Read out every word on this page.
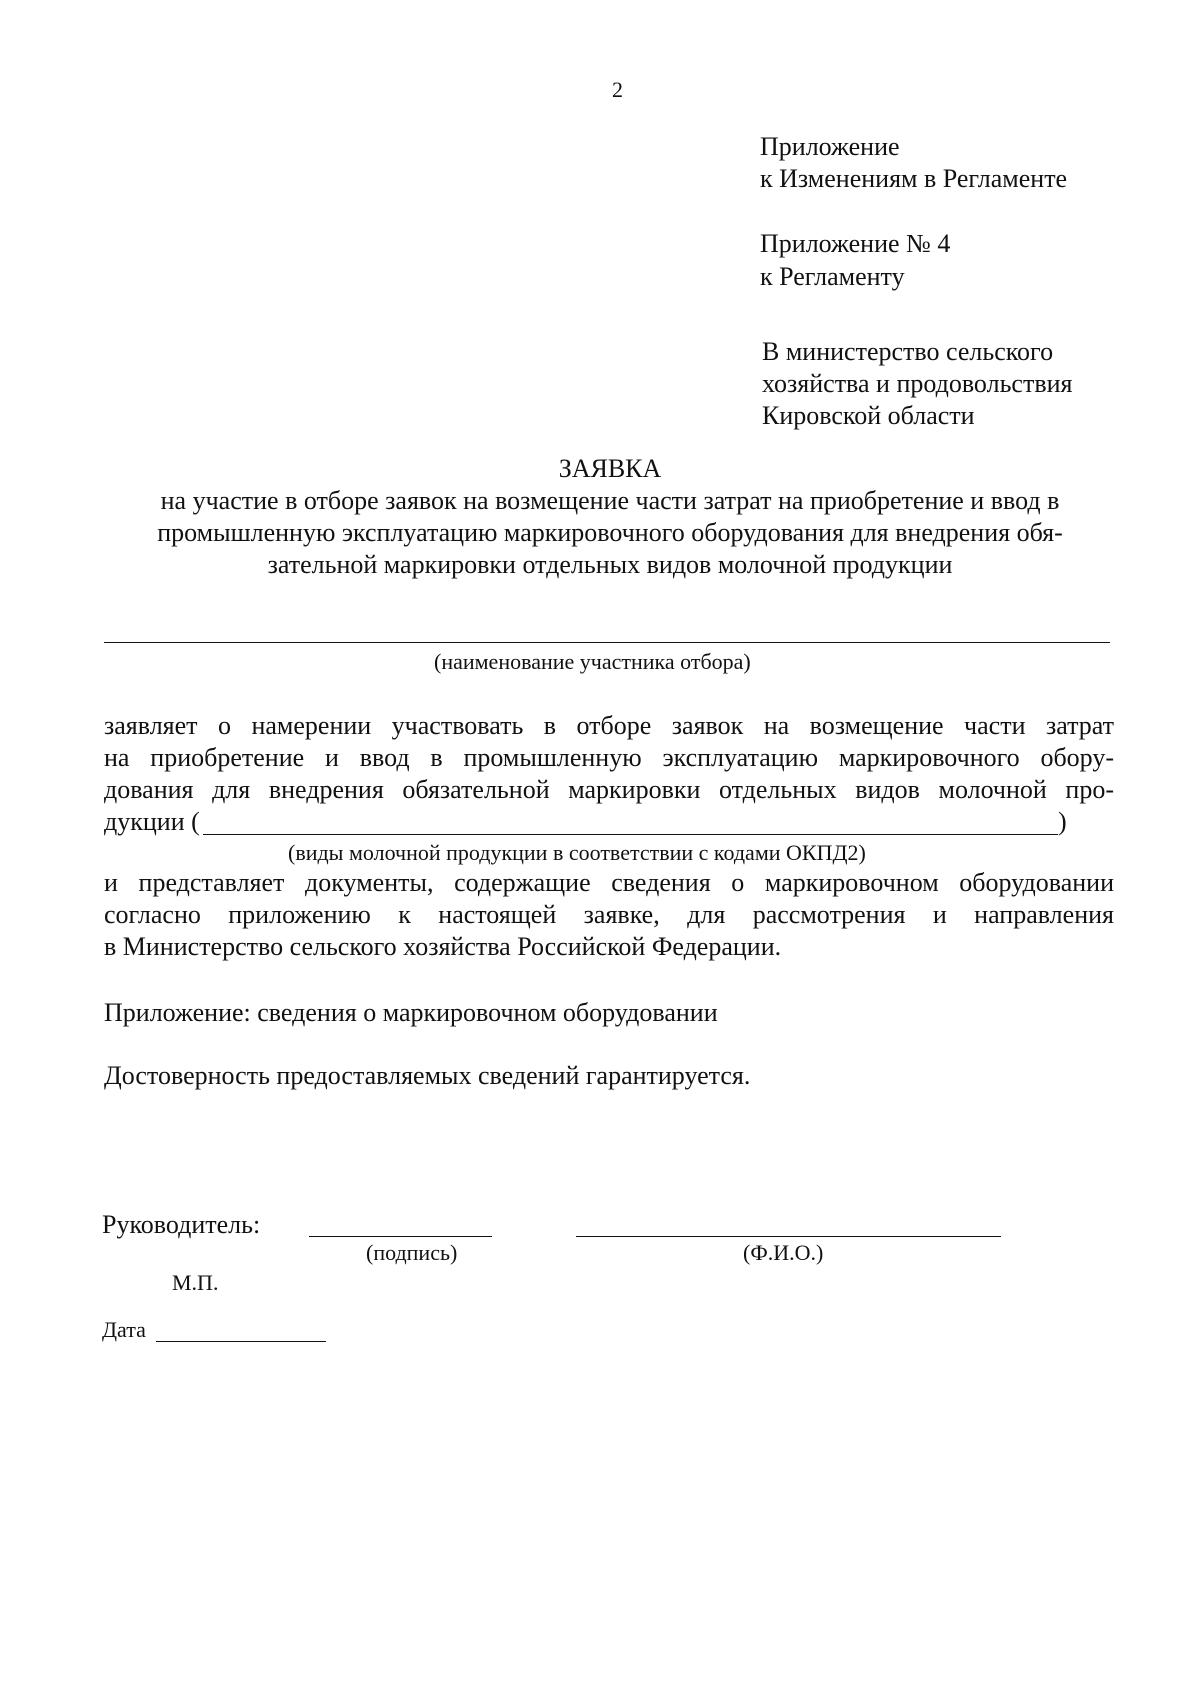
2
Приложение
к Изменениям в Регламенте
Приложение № 4
к Регламенту
В министерство сельского
хозяйства и продовольствия
Кировской области
ЗАЯВКА
на участие в отборе заявок на возмещение части затрат на приобретение и ввод в
промышленную эксплуатацию маркировочного оборудования для внедрения обя-
зательной маркировки отдельных видов молочной продукции
(наименование участника отбора)
заявляет о намерении участвовать в отборе заявок на возмещение части затрат
на приобретение и ввод в промышленную эксплуатацию маркировочного обору-
дования для внедрения обязательной маркировки отдельных видов молочной про-
дукции (	)
(виды молочной продукции в соответствии с кодами ОКПД2)
и представляет документы, содержащие сведения о маркировочном оборудовании
согласно приложению к настоящей заявке, для рассмотрения и направления
в Министерство сельского хозяйства Российской Федерации.
Приложение: сведения о маркировочном оборудовании
Достоверность предоставляемых сведений гарантируется.
Руководитель:
(подпись)	(Ф.И.О.)
М.П.
Дата
